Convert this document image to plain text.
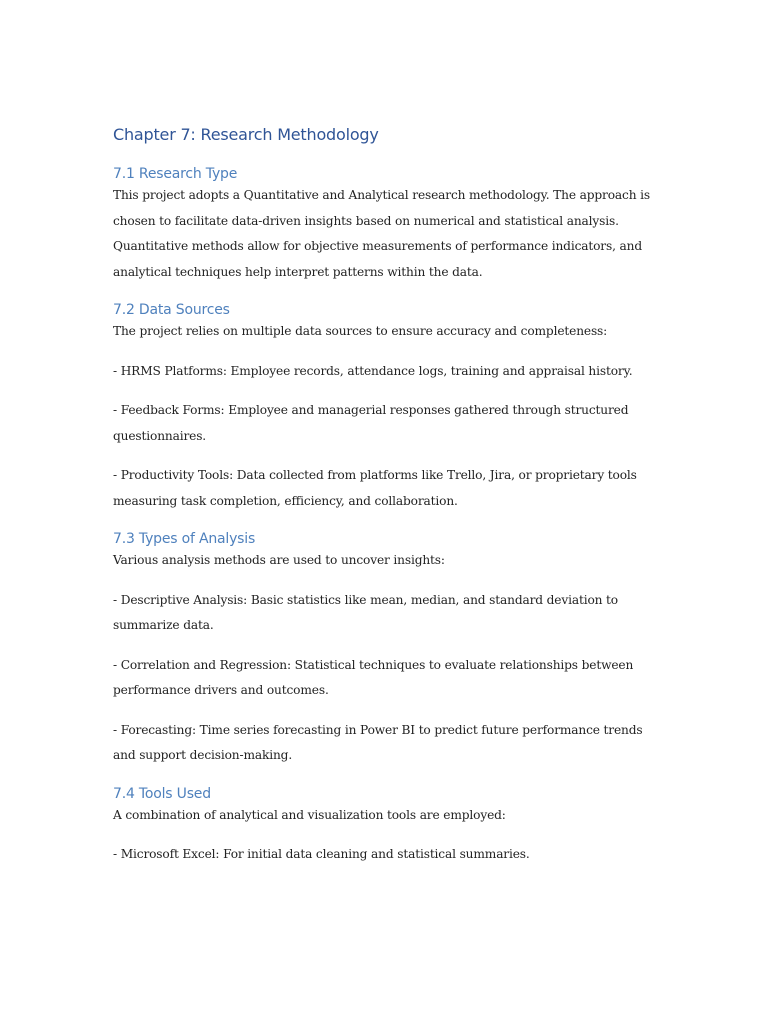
Chapter 7: Research Methodology
7.1 Research Type

This project adopts a Quantitative and Analytical research methodology. The approach is chosen to facilitate data-driven insights based on numerical and statistical analysis. Quantitative methods allow for objective measurements of performance indicators, and analytical techniques help interpret patterns within the data.

7.2 Data Sources

The project relies on multiple data sources to ensure accuracy and completeness:

- HRMS Platforms: Employee records, attendance logs, training and appraisal history.

- Feedback Forms: Employee and managerial responses gathered through structured questionnaires.

- Productivity Tools: Data collected from platforms like Trello, Jira, or proprietary tools measuring task completion, efficiency, and collaboration.

7.3 Types of Analysis

Various analysis methods are used to uncover insights:

- Descriptive Analysis: Basic statistics like mean, median, and standard deviation to summarize data.

- Correlation and Regression: Statistical techniques to evaluate relationships between performance drivers and outcomes.

- Forecasting: Time series forecasting in Power BI to predict future performance trends and support decision-making.

7.4 Tools Used

A combination of analytical and visualization tools are employed:

- Microsoft Excel: For initial data cleaning and statistical summaries.
